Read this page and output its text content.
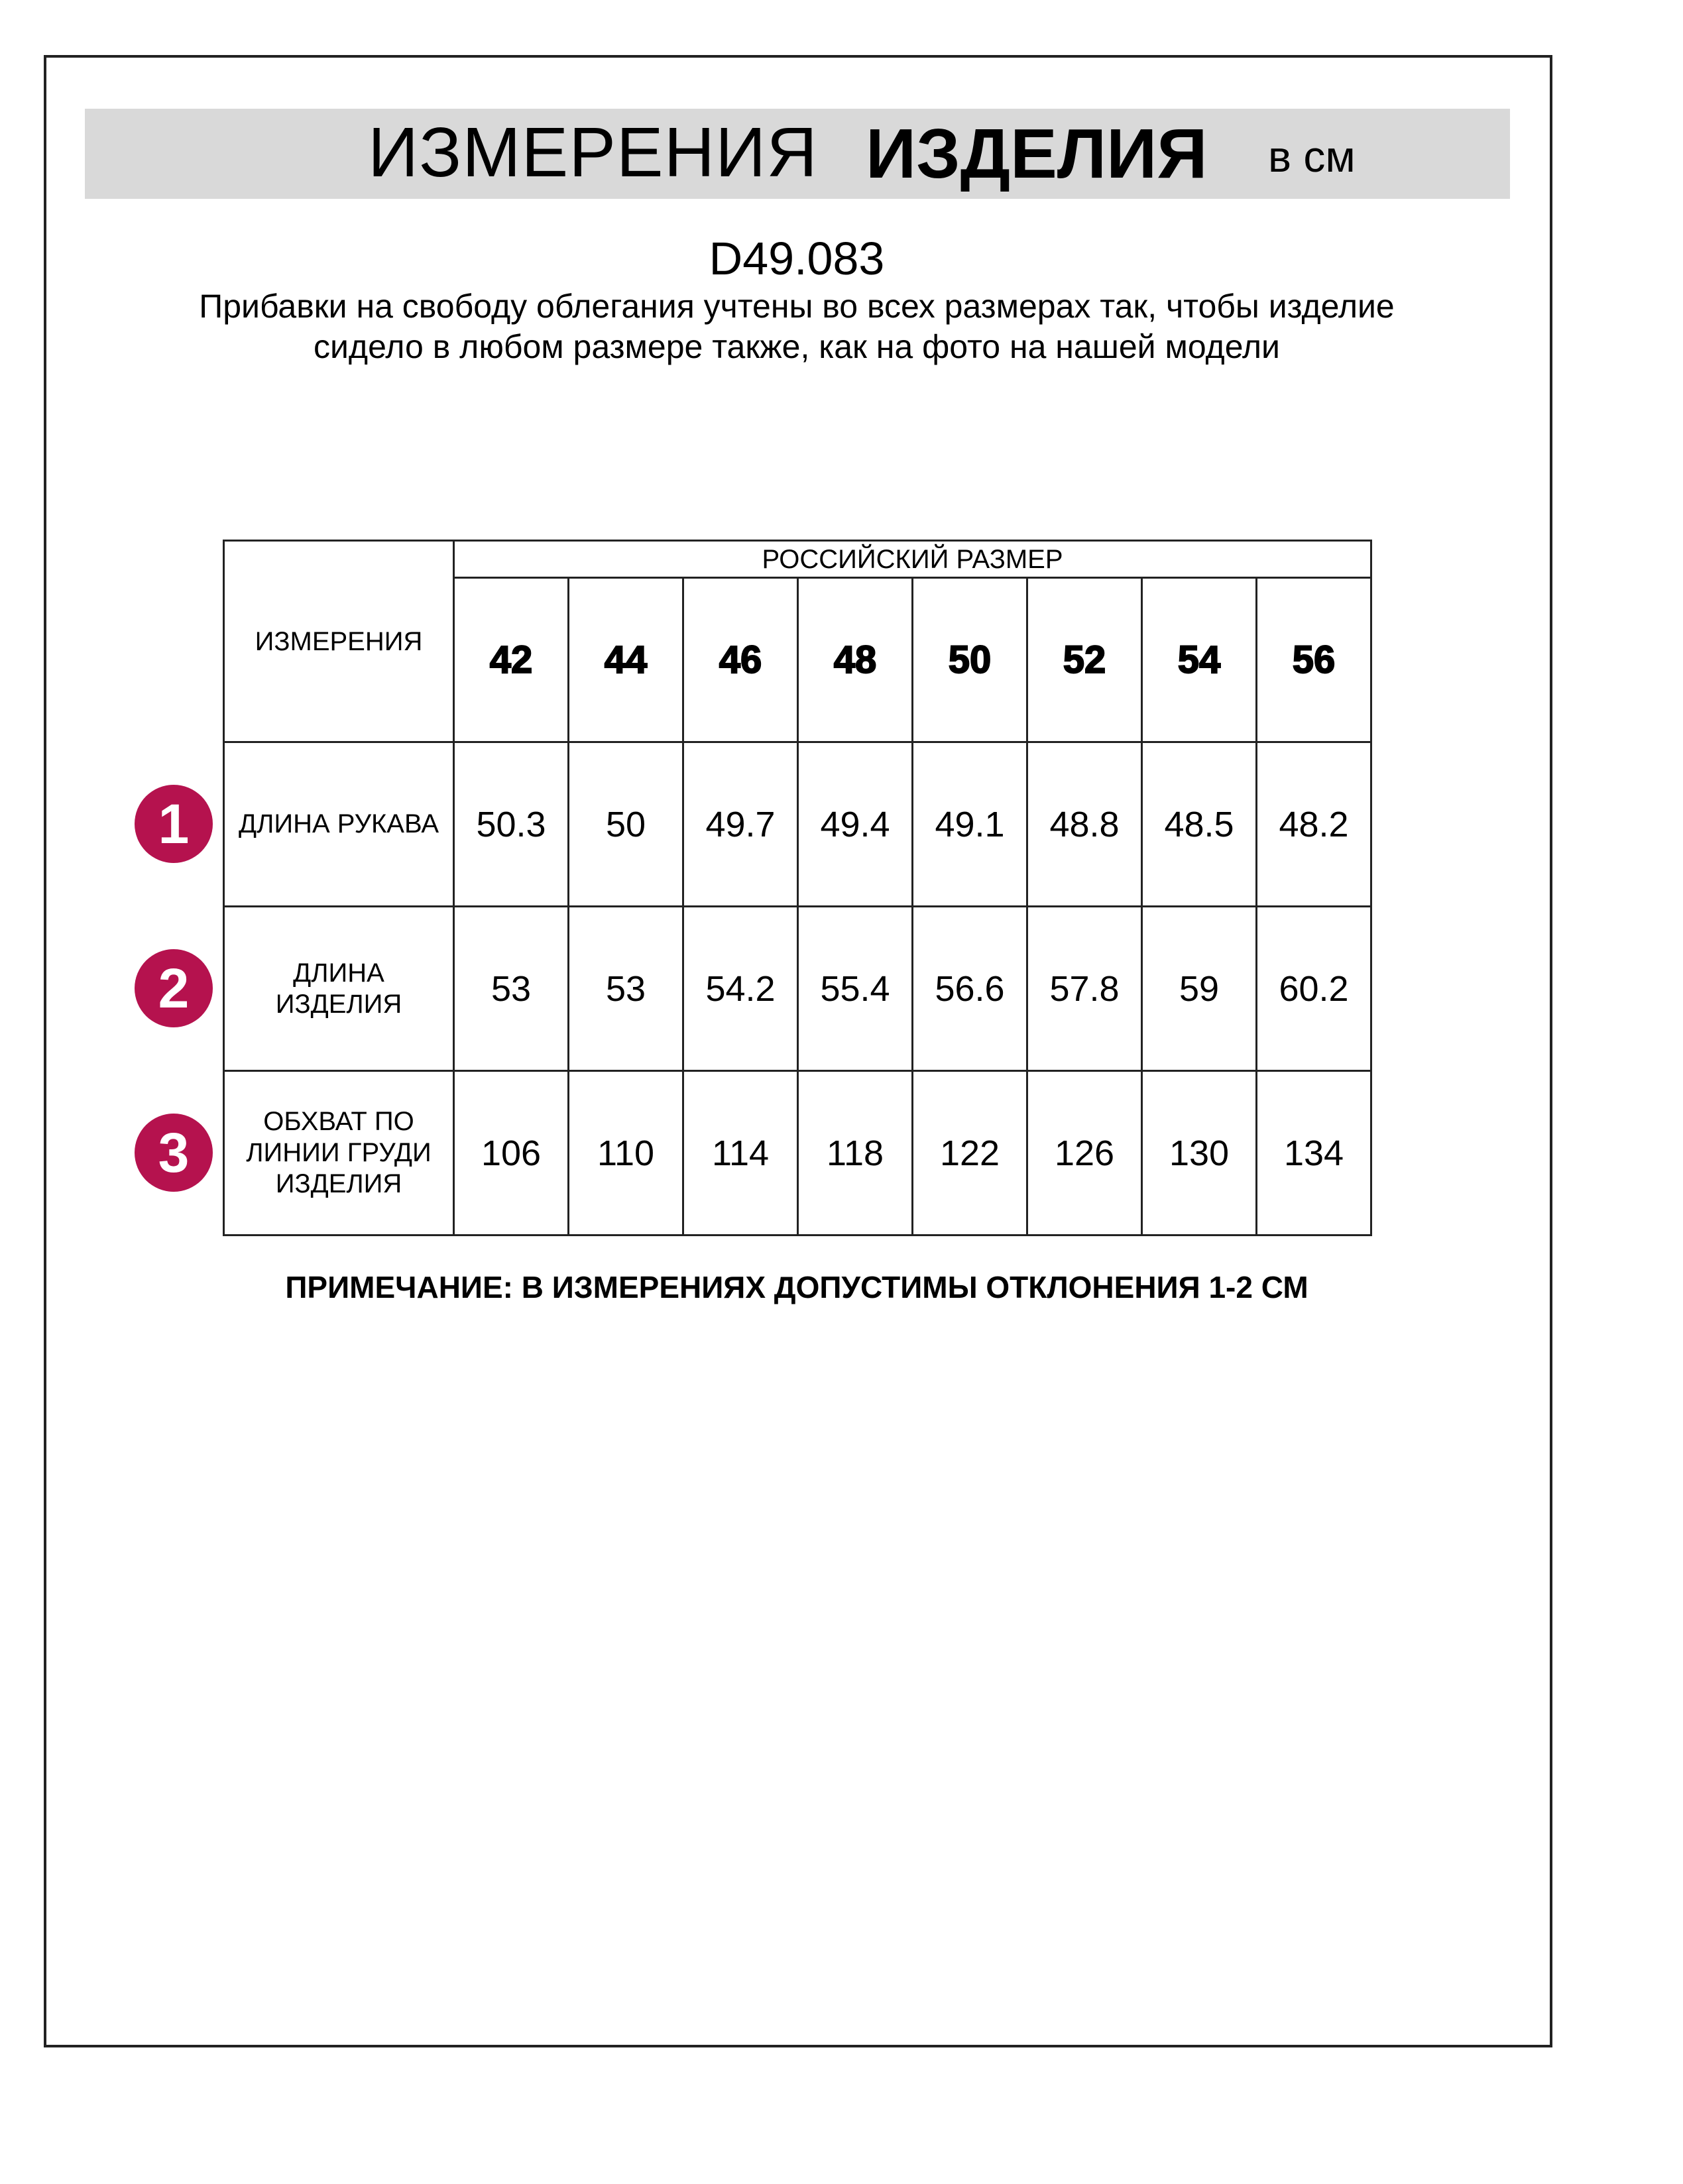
ИЗМЕРЕНИЯ ИЗДЕЛИЯ в см
D49.083
Прибавки на свободу облегания учтены во всех размерах так, чтобы изделие сидело в любом размере также, как на фото на нашей модели
ИЗМЕРЕНИЯ	РОССИЙСКИЙ РАЗМЕР							
	42	44	46	48	50	52	54	56
ДЛИНА РУКАВА	50.3	50	49.7	49.4	49.1	48.8	48.5	48.2
ДЛИНА ИЗДЕЛИЯ	53	53	54.2	55.4	56.6	57.8	59	60.2
ОБХВАТ ПО ЛИНИИ ГРУДИ ИЗДЕЛИЯ	106	110	114	118	122	126	130	134
1
2
3
ПРИМЕЧАНИЕ: В ИЗМЕРЕНИЯХ ДОПУСТИМЫ ОТКЛОНЕНИЯ 1-2 СМ
